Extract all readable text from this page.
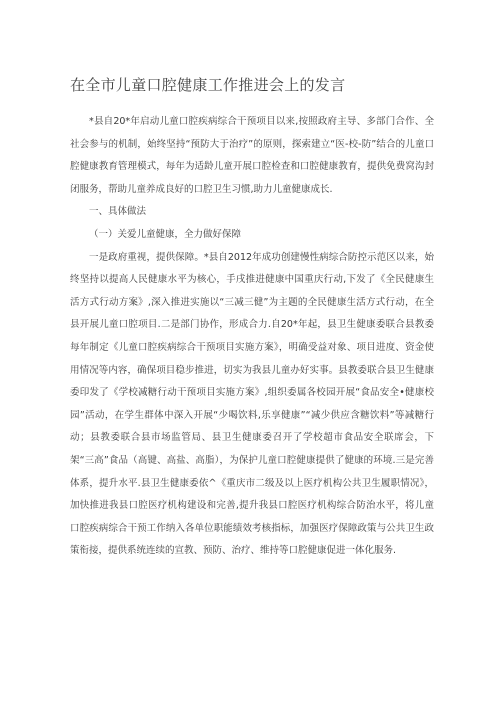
在全市儿童口腔健康工作推进会上的发言

*县自20*年启动儿童口腔疾病综合干预项目以来,按照政府主导、多部门合作、全社会参与的机制，始终坚持“预防大于治疗”的原则，探索建立“医-校-防”结合的儿童口腔健康教育管理模式，每年为适龄儿童开展口腔检查和口腔健康教育，提供免费窝沟封闭服务，帮助儿童养成良好的口腔卫生习惯,助力儿童健康成长.

一、具体做法

（一）关爱儿童健康，全力做好保障

一是政府重视，提供保障。*县自2012年成功创建慢性病综合防控示范区以来，始终坚持以提高人民健康水平为核心，手戌推进健康中国重庆行动,下发了《全民健康生活方式行动方案》,深入推进实施以“三减三健”为主题的全民健康生活方式行动，在全县开展儿童口腔项目.二是部门协作，形成合力.自20*年起，县卫生健康委联合县教委每年制定《儿童口腔疾病综合干预项目实施方案》，明确受益对象、项目进度、资金使用情况等内容，确保项目稳步推进，切实为我县儿童办好实事。县教委联合县卫生健康委印发了《学校减糖行动干预项目实施方案》,组织委属各校园开展“食品安全•健康校园”活动，在学生群体中深入开展“少喝饮料,乐享健康”“减少供应含糖饮料”等减糖行动；县教委联合县市场监管局、县卫生健康委召开了学校超市食品安全联席会，下架“三高”食品（高键、高盐、高脂），为保护儿童口腔健康提供了健康的环境.三是完善体系，提升水平.县卫生健康委依^《重庆市二级及以上医疗机构公共卫生履职情况》，加快推进我县口腔医疗机构建设和完善,提升我县口腔医疗机构综合防治水平，将儿童口腔疾病综合干预工作纳入各单位职能绩效考核指标，加强医疗保障政策与公共卫生政策衔接，提供系统连续的宣教、预防、治疗、维持等口腔健康促进一体化服务.
